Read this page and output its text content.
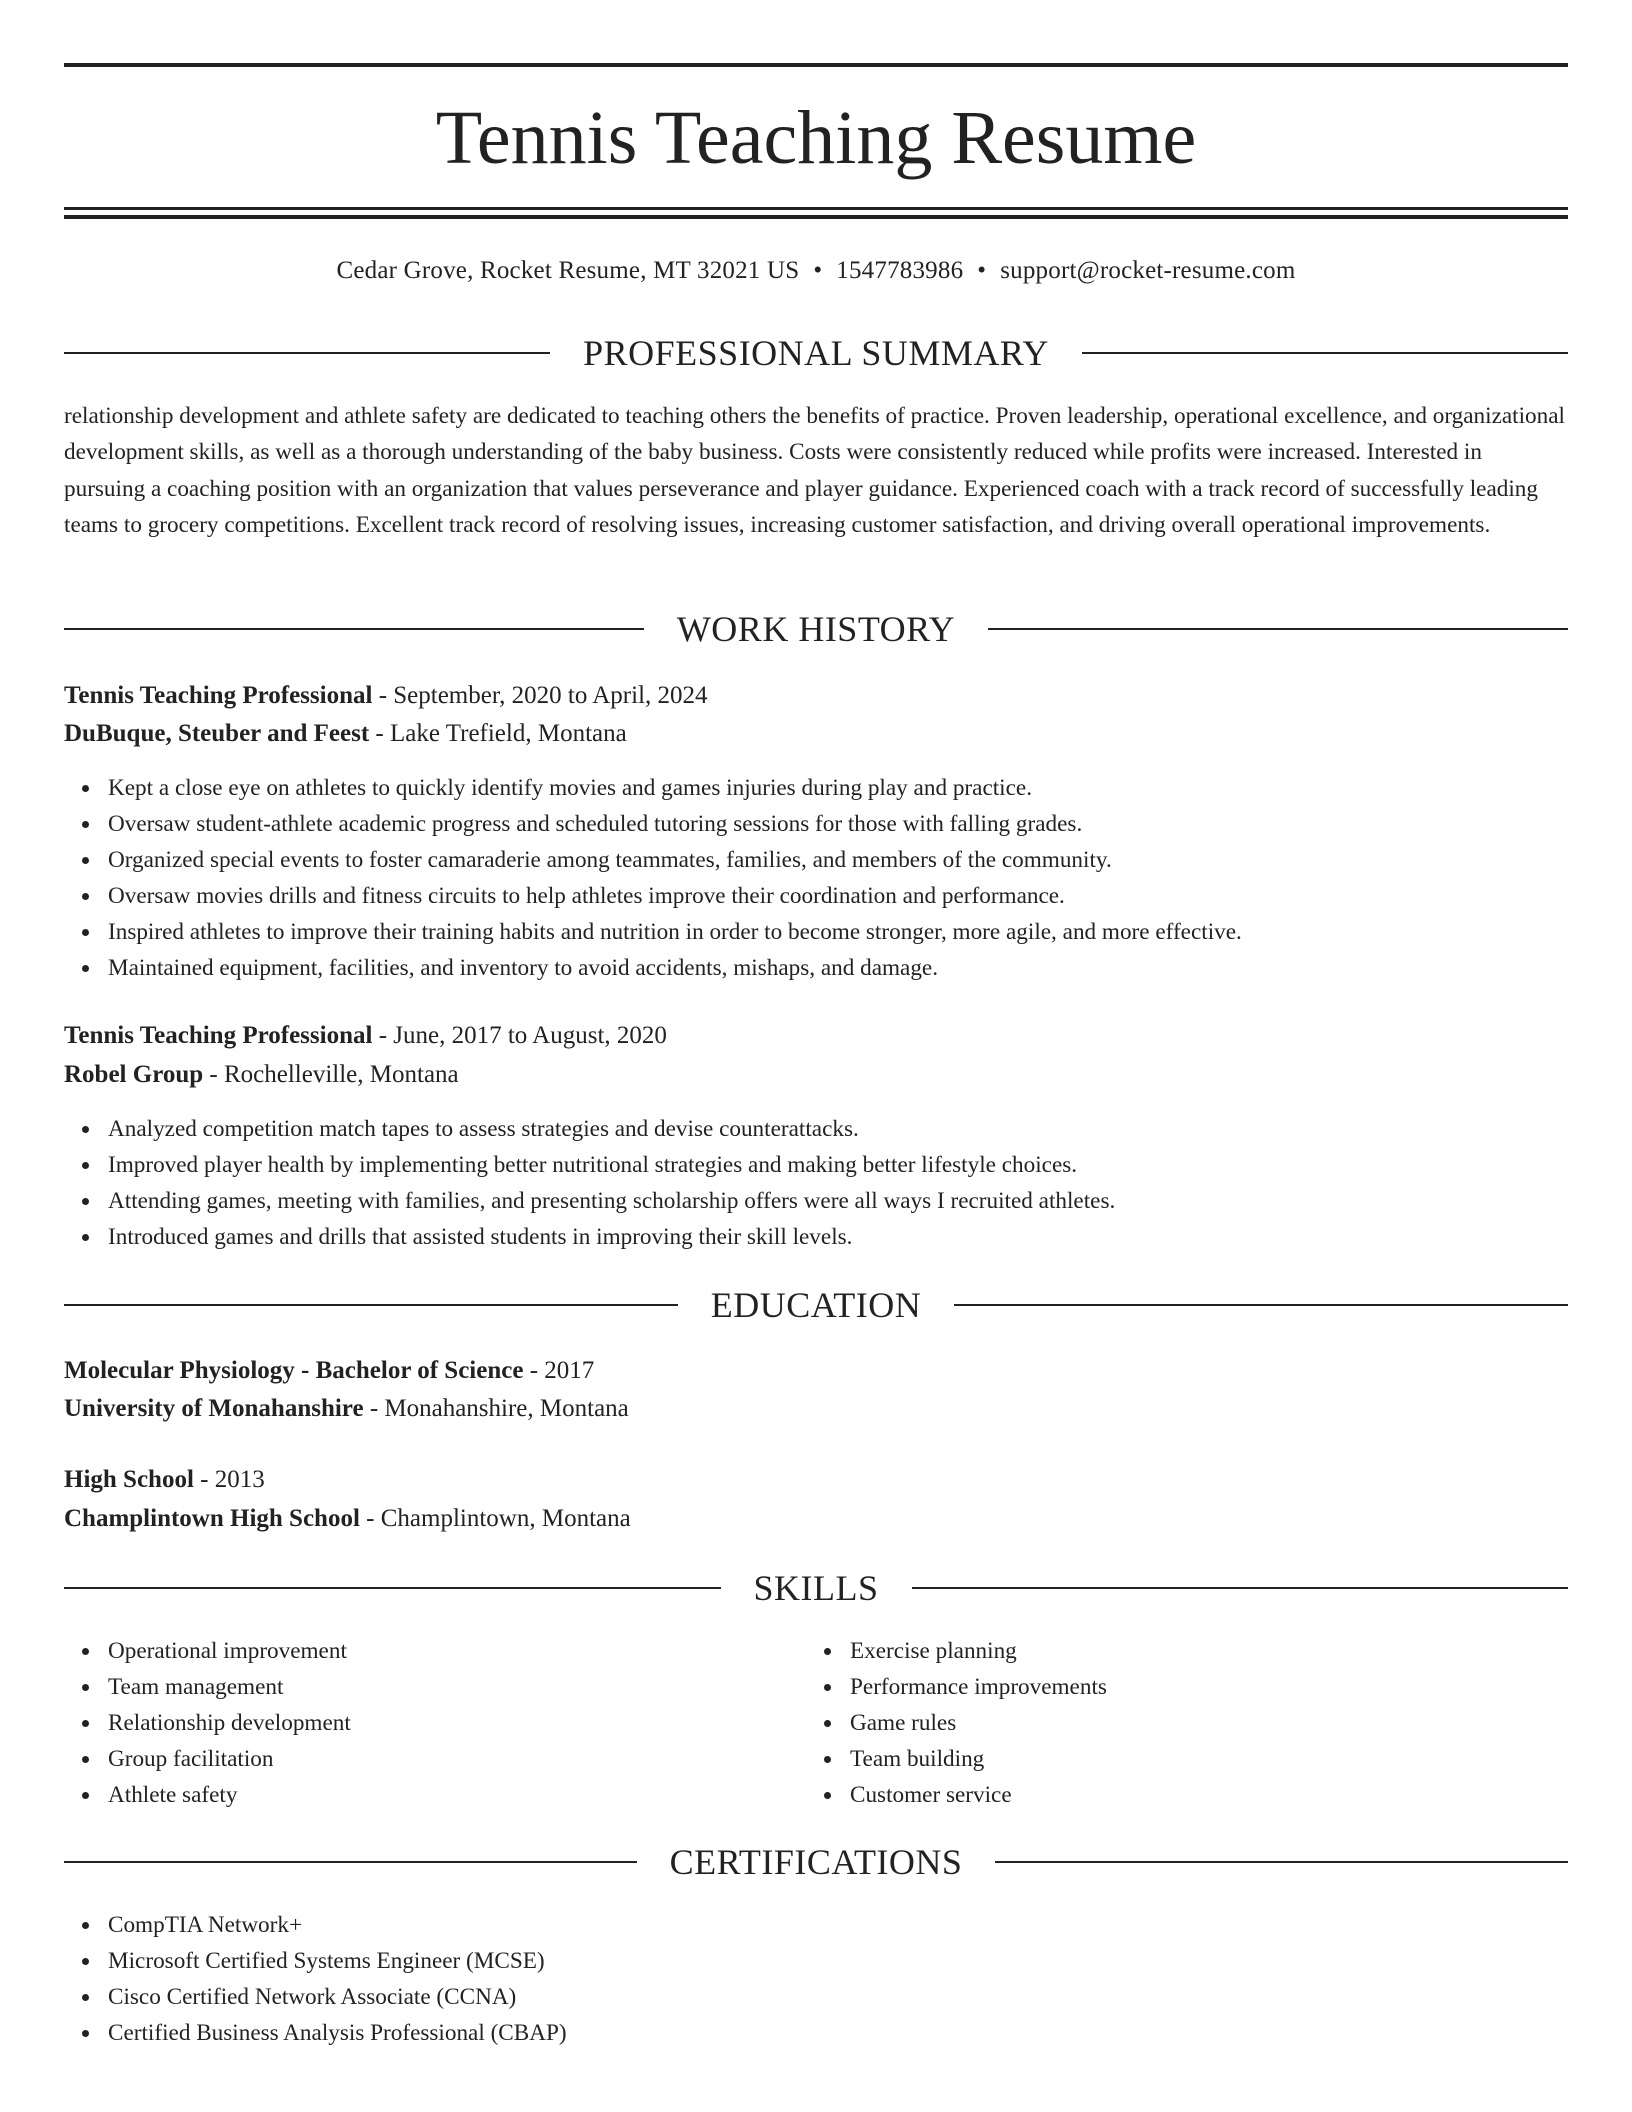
Tennis Teaching Resume
Cedar Grove, Rocket Resume, MT 32021 US • 1547783986 • support@rocket-resume.com
PROFESSIONAL SUMMARY

relationship development and athlete safety are dedicated to teaching others the benefits of practice. Proven leadership, operational excellence, and organizational development skills, as well as a thorough understanding of the baby business. Costs were consistently reduced while profits were increased. Interested in pursuing a coaching position with an organization that values perseverance and player guidance. Experienced coach with a track record of successfully leading teams to grocery competitions. Excellent track record of resolving issues, increasing customer satisfaction, and driving overall operational improvements.

WORK HISTORY
Tennis Teaching Professional - September, 2020 to April, 2024
DuBuque, Steuber and Feest - Lake Trefield, Montana
Kept a close eye on athletes to quickly identify movies and games injuries during play and practice.
Oversaw student-athlete academic progress and scheduled tutoring sessions for those with falling grades.
Organized special events to foster camaraderie among teammates, families, and members of the community.
Oversaw movies drills and fitness circuits to help athletes improve their coordination and performance.
Inspired athletes to improve their training habits and nutrition in order to become stronger, more agile, and more effective.
Maintained equipment, facilities, and inventory to avoid accidents, mishaps, and damage.
Tennis Teaching Professional - June, 2017 to August, 2020
Robel Group - Rochelleville, Montana
Analyzed competition match tapes to assess strategies and devise counterattacks.
Improved player health by implementing better nutritional strategies and making better lifestyle choices.
Attending games, meeting with families, and presenting scholarship offers were all ways I recruited athletes.
Introduced games and drills that assisted students in improving their skill levels.
EDUCATION
Molecular Physiology - Bachelor of Science - 2017
University of Monahanshire - Monahanshire, Montana
High School - 2013
Champlintown High School - Champlintown, Montana
SKILLS
Operational improvement
Team management
Relationship development
Group facilitation
Athlete safety
Exercise planning
Performance improvements
Game rules
Team building
Customer service
CERTIFICATIONS
CompTIA Network+
Microsoft Certified Systems Engineer (MCSE)
Cisco Certified Network Associate (CCNA)
Certified Business Analysis Professional (CBAP)
